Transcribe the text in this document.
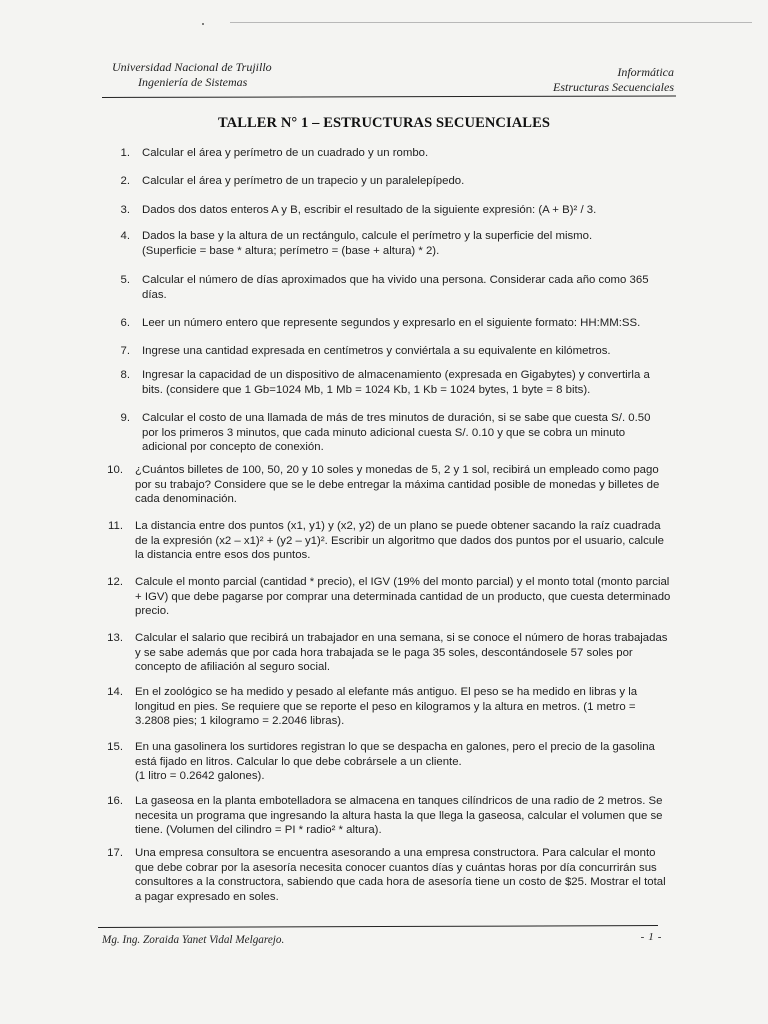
Universidad Nacional de Trujillo
Ingeniería de Sistemas
Informática
Estructuras Secuenciales
TALLER N° 1 – ESTRUCTURAS SECUENCIALES
1. Calcular el área y perímetro de un cuadrado y un rombo.
2. Calcular el área y perímetro de un trapecio y un paralelepípedo.
3. Dados dos datos enteros A y B, escribir el resultado de la siguiente expresión: (A + B)² / 3.
4. Dados la base y la altura de un rectángulo, calcule el perímetro y la superficie del mismo.
(Superficie = base * altura; perímetro = (base + altura) * 2).
5. Calcular el número de días aproximados que ha vivido una persona. Considerar cada año como 365 días.
6. Leer un número entero que represente segundos y expresarlo en el siguiente formato: HH:MM:SS.
7. Ingrese una cantidad expresada en centímetros y conviértala a su equivalente en kilómetros.
8. Ingresar la capacidad de un dispositivo de almacenamiento (expresada en Gigabytes) y convertirla a bits. (considere que 1 Gb=1024 Mb, 1 Mb = 1024 Kb, 1 Kb = 1024 bytes, 1 byte = 8 bits).
9. Calcular el costo de una llamada de más de tres minutos de duración, si se sabe que cuesta S/. 0.50 por los primeros 3 minutos, que cada minuto adicional cuesta S/. 0.10 y que se cobra un minuto adicional por concepto de conexión.
10. ¿Cuántos billetes de 100, 50, 20 y 10 soles y monedas de 5, 2 y 1 sol, recibirá un empleado como pago por su trabajo? Considere que se le debe entregar la máxima cantidad posible de monedas y billetes de cada denominación.
11. La distancia entre dos puntos (x1, y1) y (x2, y2) de un plano se puede obtener sacando la raíz cuadrada de la expresión (x2 – x1)² + (y2 – y1)². Escribir un algoritmo que dados dos puntos por el usuario, calcule la distancia entre esos dos puntos.
12. Calcule el monto parcial (cantidad * precio), el IGV (19% del monto parcial) y el monto total (monto parcial + IGV) que debe pagarse por comprar una determinada cantidad de un producto, que cuesta determinado precio.
13. Calcular el salario que recibirá un trabajador en una semana, si se conoce el número de horas trabajadas y se sabe además que por cada hora trabajada se le paga 35 soles, descontándosele 57 soles por concepto de afiliación al seguro social.
14. En el zoológico se ha medido y pesado al elefante más antiguo. El peso se ha medido en libras y la longitud en pies. Se requiere que se reporte el peso en kilogramos y la altura en metros. (1 metro = 3.2808 pies; 1 kilogramo = 2.2046 libras).
15. En una gasolinera los surtidores registran lo que se despacha en galones, pero el precio de la gasolina está fijado en litros. Calcular lo que debe cobrársele a un cliente.
(1 litro = 0.2642 galones).
16. La gaseosa en la planta embotelladora se almacena en tanques cilíndricos de una radio de 2 metros. Se necesita un programa que ingresando la altura hasta la que llega la gaseosa, calcular el volumen que se tiene. (Volumen del cilindro = PI * radio² * altura).
17. Una empresa consultora se encuentra asesorando a una empresa constructora. Para calcular el monto que debe cobrar por la asesoría necesita conocer cuantos días y cuántas horas por día concurrirán sus consultores a la constructora, sabiendo que cada hora de asesoría tiene un costo de $25. Mostrar el total a pagar expresado en soles.
Mg. Ing. Zoraida Yanet Vidal Melgarejo.	- 1 -
